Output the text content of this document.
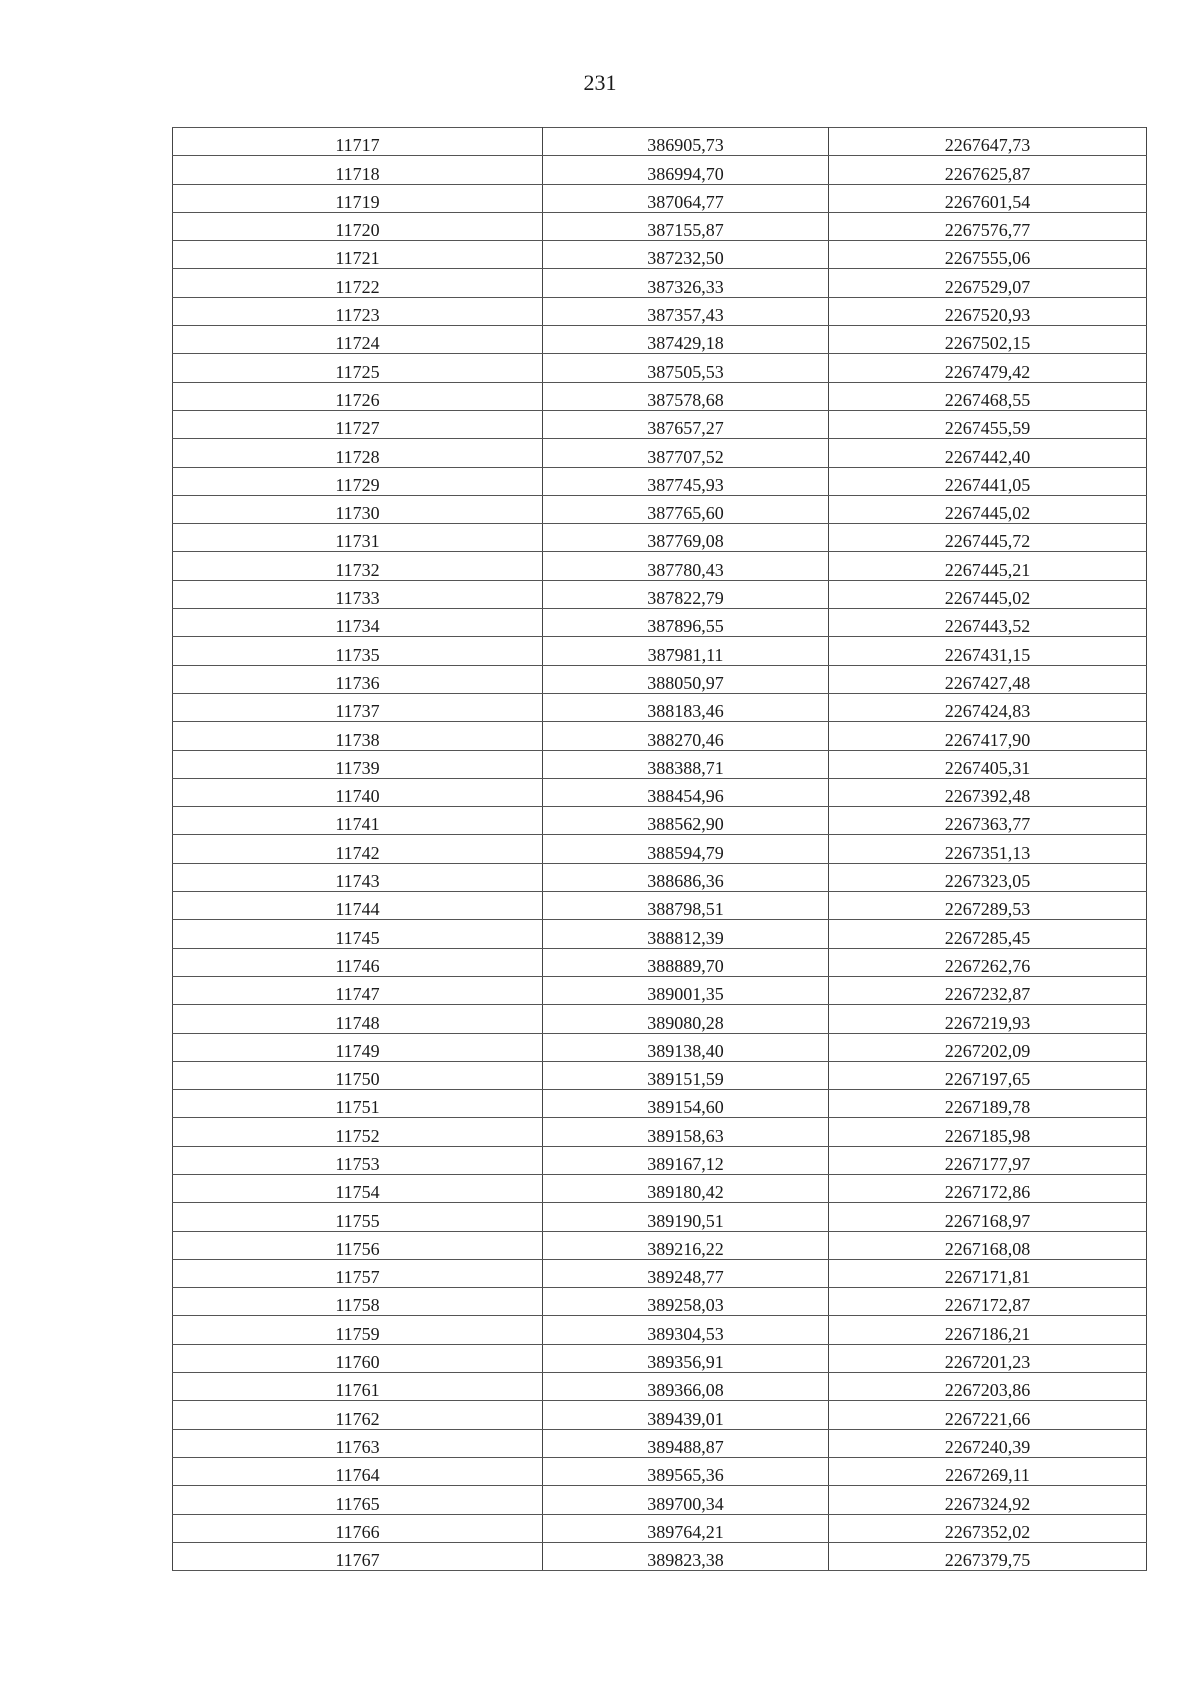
231
11717	386905,73	2267647,73
11718	386994,70	2267625,87
11719	387064,77	2267601,54
11720	387155,87	2267576,77
11721	387232,50	2267555,06
11722	387326,33	2267529,07
11723	387357,43	2267520,93
11724	387429,18	2267502,15
11725	387505,53	2267479,42
11726	387578,68	2267468,55
11727	387657,27	2267455,59
11728	387707,52	2267442,40
11729	387745,93	2267441,05
11730	387765,60	2267445,02
11731	387769,08	2267445,72
11732	387780,43	2267445,21
11733	387822,79	2267445,02
11734	387896,55	2267443,52
11735	387981,11	2267431,15
11736	388050,97	2267427,48
11737	388183,46	2267424,83
11738	388270,46	2267417,90
11739	388388,71	2267405,31
11740	388454,96	2267392,48
11741	388562,90	2267363,77
11742	388594,79	2267351,13
11743	388686,36	2267323,05
11744	388798,51	2267289,53
11745	388812,39	2267285,45
11746	388889,70	2267262,76
11747	389001,35	2267232,87
11748	389080,28	2267219,93
11749	389138,40	2267202,09
11750	389151,59	2267197,65
11751	389154,60	2267189,78
11752	389158,63	2267185,98
11753	389167,12	2267177,97
11754	389180,42	2267172,86
11755	389190,51	2267168,97
11756	389216,22	2267168,08
11757	389248,77	2267171,81
11758	389258,03	2267172,87
11759	389304,53	2267186,21
11760	389356,91	2267201,23
11761	389366,08	2267203,86
11762	389439,01	2267221,66
11763	389488,87	2267240,39
11764	389565,36	2267269,11
11765	389700,34	2267324,92
11766	389764,21	2267352,02
11767	389823,38	2267379,75
